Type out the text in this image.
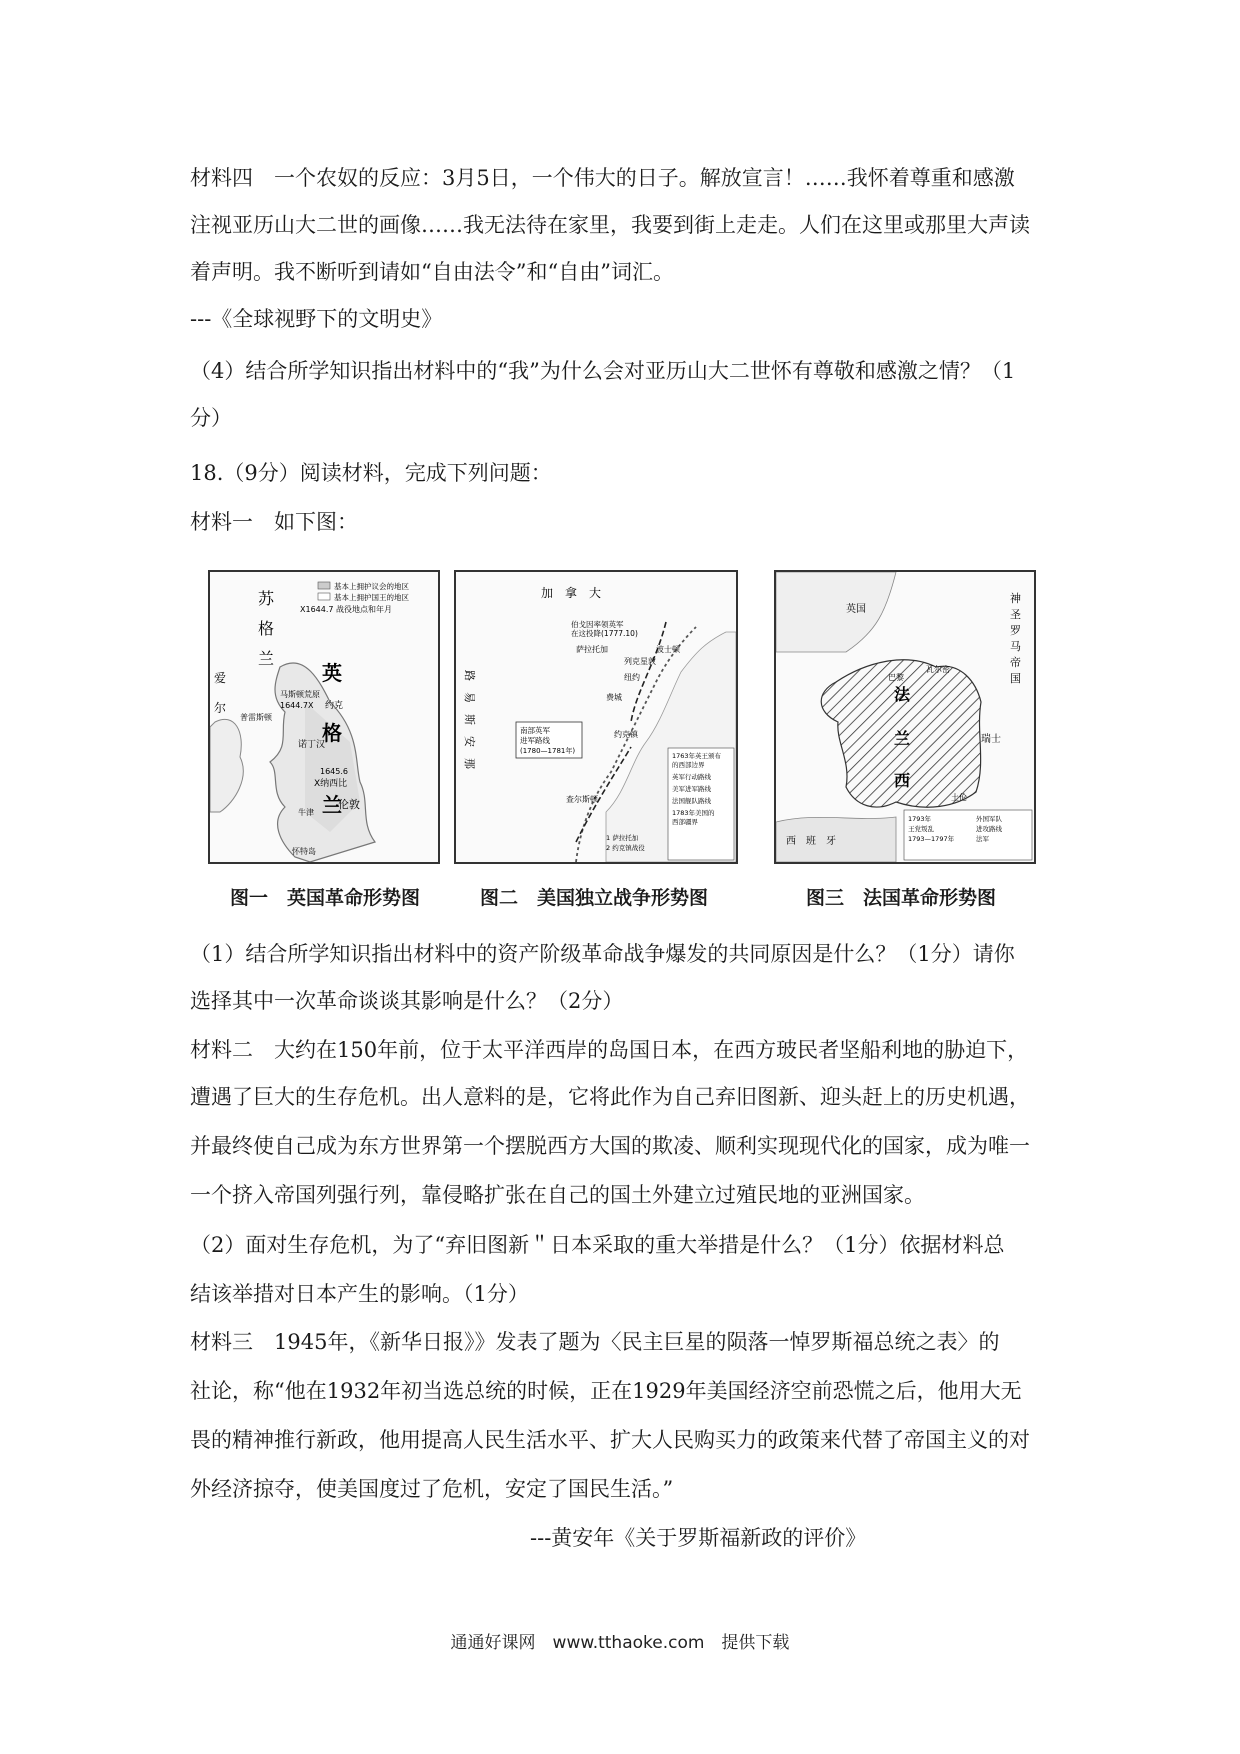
材料四　一个农奴的反应：3月5日，一个伟大的日子。解放宣言！……我怀着尊重和感激
注视亚历山大二世的画像……我无法待在家里，我要到街上走走。人们在这里或那里大声读
着声明。我不断听到请如“自由法令”和“自由”词汇。
---《全球视野下的文明史》
（4）结合所学知识指出材料中的“我”为什么会对亚历山大二世怀有尊敬和感激之情？（1
分）
18.（9分）阅读材料，完成下列问题：
材料一　如下图：
苏
格
兰
英
格
兰
爱
尔
基本上拥护议会的地区
基本上拥护国王的地区
X1644.7 战役地点和年月
马斯顿荒原
1644.7X 约克
普雷斯顿
诺丁汉
1645.6
X纳西比
牛津
伦敦
怀特岛
图一　英国革命形势图
加　拿　大
路　易　斯　安　那
伯戈因率领英军
在这投降(1777.10)
萨拉托加	波士顿
列克星敦
纽约
费城
约克镇
查尔斯顿
南部英军
进军路线
(1780—1781年)
1763年英王颁布
的西部边界
英军行动路线
美军进军路线
法国舰队路线
1783年美国的
西部疆界
1 萨拉托加
2 约克镇战役
图二　美国独立战争形势图
英国
神
圣
罗
马
帝
国
法
兰
西
瑞士
西　班　牙
巴黎
瓦尔密
土伦
1793年
王党叛乱
1793—1797年
外国军队
进攻路线
法军
图三　法国革命形势图
（1）结合所学知识指出材料中的资产阶级革命战争爆发的共同原因是什么？（1分）请你
选择其中一次革命谈谈其影响是什么？（2分）
材料二　大约在150年前，位于太平洋西岸的岛国日本，在西方玻民者坚船利地的胁迫下，
遭遇了巨大的生存危机。出人意料的是，它将此作为自己弃旧图新、迎头赶上的历史机遇，
并最终使自己成为东方世界第一个摆脱西方大国的欺凌、顺利实现现代化的国家，成为唯一
一个挤入帝国列强行列，靠侵略扩张在自己的国土外建立过殖民地的亚洲国家。
（2）面对生存危机，为了“弃旧图新＂日本采取的重大举措是什么？（1分）依据材料总
结该举措对日本产生的影响。（1分）
材料三　1945年，《新华日报》》发表了题为〈民主巨星的陨落一悼罗斯福总统之表〉的
社论，称“他在1932年初当选总统的时候，正在1929年美国经济空前恐慌之后，他用大无
畏的精神推行新政，他用提高人民生活水平、扩大人民购买力的政策来代替了帝国主义的对
外经济掠夺，使美国度过了危机，安定了国民生活。”
---黄安年《关于罗斯福新政的评价》
通通好课网　www.tthaoke.com　提供下载
